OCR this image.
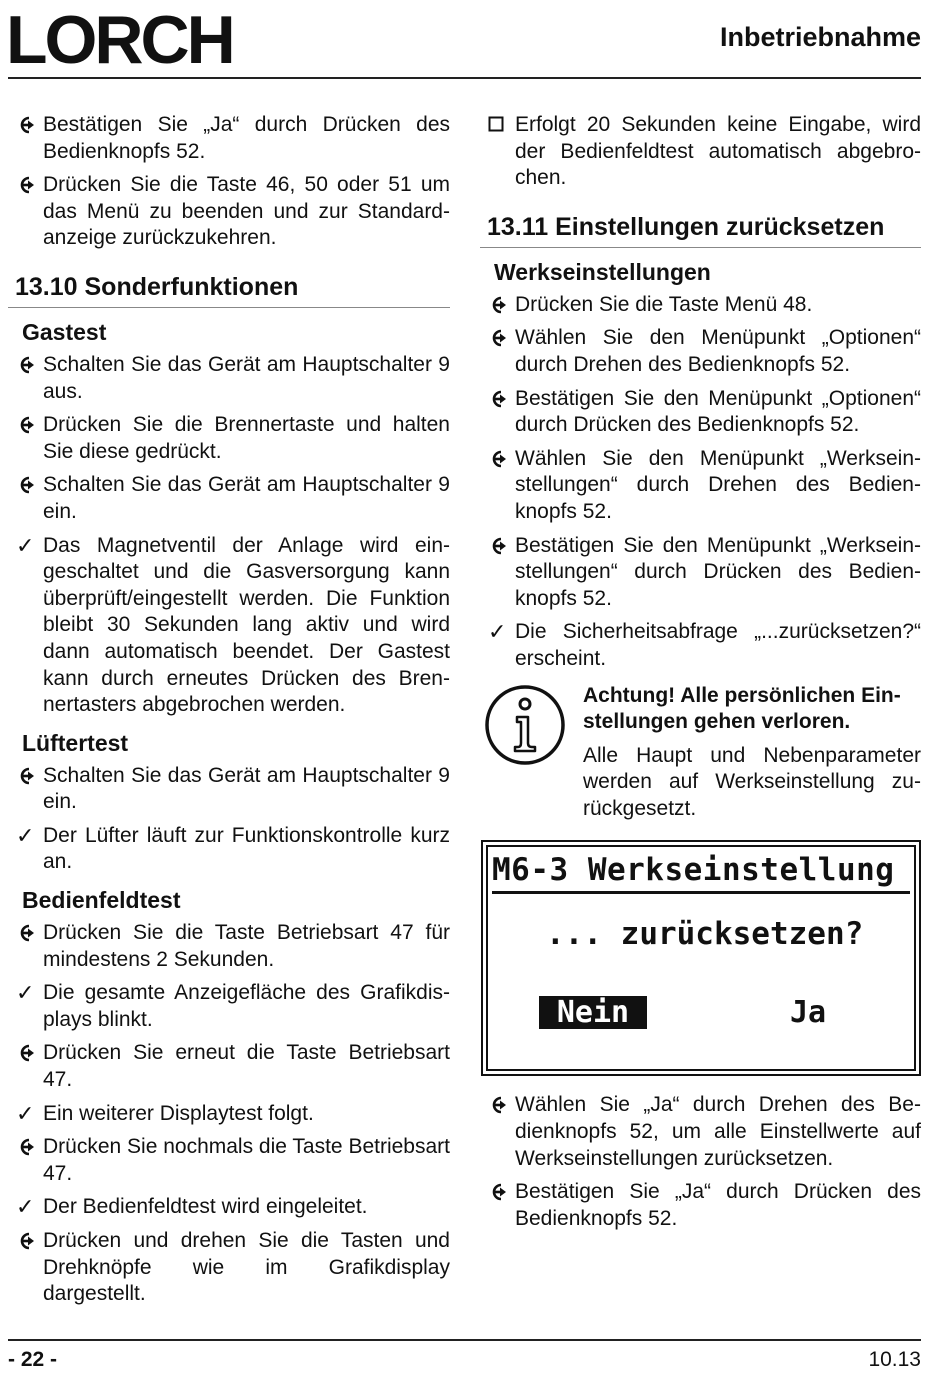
LORCH	Inbetriebnahme
Bestätigen Sie „Ja“ durch Drücken des Bedienknopfs 52.
Drücken Sie die Taste 46, 50 oder 51 um das Menü zu beenden und zur Standardanzeige zurückzukehren.
13.10 Sonderfunktionen
Gastest
Schalten Sie das Gerät am Hauptschalter 9 aus.
Drücken Sie die Brennertaste und halten Sie diese gedrückt.
Schalten Sie das Gerät am Hauptschalter 9 ein.
✓ Das Magnetventil der Anlage wird eingeschaltet und die Gasversorgung kann überprüft/eingestellt werden. Die Funktion bleibt 30 Sekunden lang aktiv und wird dann automatisch beendet. Der Gastest kann durch erneutes Drücken des Brennertasters abgebrochen werden.
Lüftertest
Schalten Sie das Gerät am Hauptschalter 9 ein.
✓ Der Lüfter läuft zur Funktionskontrolle kurz an.
Bedienfeldtest
Drücken Sie die Taste Betriebsart 47 für mindestens 2 Sekunden.
✓ Die gesamte Anzeigefläche des Grafikdisplays blinkt.
Drücken Sie erneut die Taste Betriebsart 47.
✓ Ein weiterer Displaytest folgt.
Drücken Sie nochmals die Taste Betriebsart 47.
✓ Der Bedienfeldtest wird eingeleitet.
Drücken und drehen Sie die Tasten und Drehknöpfe wie im Grafikdisplay dargestellt.
Erfolgt 20 Sekunden keine Eingabe, wird der Bedienfeldtest automatisch abgebrochen.
13.11 Einstellungen zurücksetzen
Werkseinstellungen
Drücken Sie die Taste Menü 48.
Wählen Sie den Menüpunkt „Optionen“ durch Drehen des Bedienknopfs 52.
Bestätigen Sie den Menüpunkt „Optionen“ durch Drücken des Bedienknopfs 52.
Wählen Sie den Menüpunkt „Werkseinstellungen“ durch Drehen des Bedienknopfs 52.
Bestätigen Sie den Menüpunkt „Werkseinstellungen“ durch Drücken des Bedienknopfs 52.
✓ Die Sicherheitsabfrage „...zurücksetzen?“ erscheint.
Achtung! Alle persönlichen Einstellungen gehen verloren.
Alle Haupt und Nebenparameter werden auf Werkseinstellung zurückgesetzt.
M6-3 Werkseinstellung
... zurücksetzen?
Nein	Ja
Wählen Sie „Ja“ durch Drehen des Bedienknopfs 52, um alle Einstellwerte auf Werkseinstellungen zurücksetzen.
Bestätigen Sie „Ja“ durch Drücken des Bedienknopfs 52.
- 22 -	10.13
